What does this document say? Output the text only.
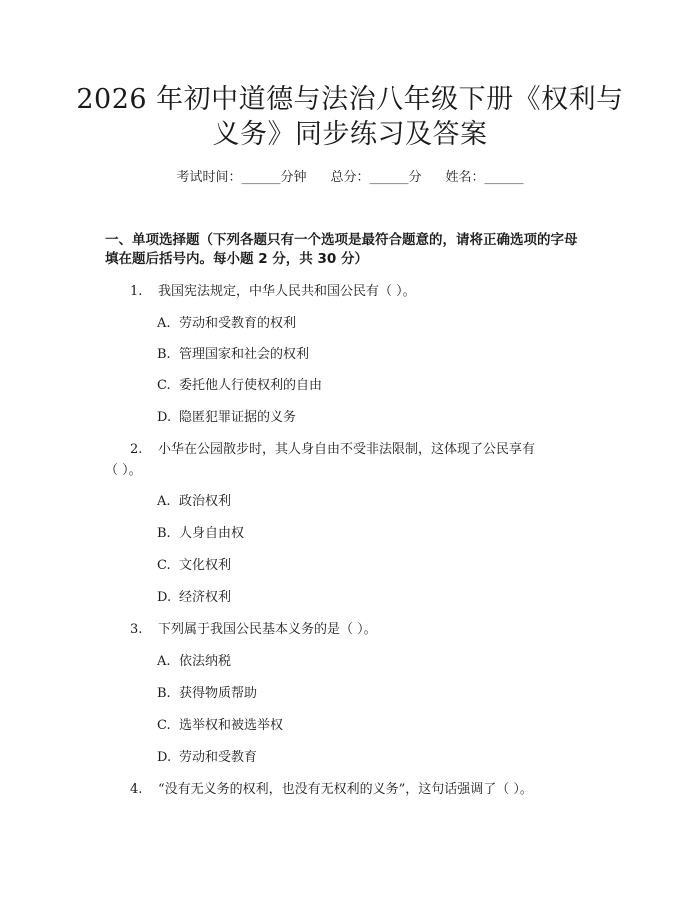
2026 年初中道德与法治八年级下册《权利与
义务》同步练习及答案
考试时间：______分钟 总分：______分 姓名：______
一、单项选择题（下列各题只有一个选项是最符合题意的，请将正确选项的字母
填在题后括号内。每小题 2 分，共 30 分）
1. 我国宪法规定，中华人民共和国公民有（ ）。
A. 劳动和受教育的权利
B. 管理国家和社会的权利
C. 委托他人行使权利的自由
D. 隐匿犯罪证据的义务
2. 小华在公园散步时，其人身自由不受非法限制，这体现了公民享有
（ ）。
A. 政治权利
B. 人身自由权
C. 文化权利
D. 经济权利
3. 下列属于我国公民基本义务的是（ ）。
A. 依法纳税
B. 获得物质帮助
C. 选举权和被选举权
D. 劳动和受教育
4. “没有无义务的权利，也没有无权利的义务”，这句话强调了（ ）。
